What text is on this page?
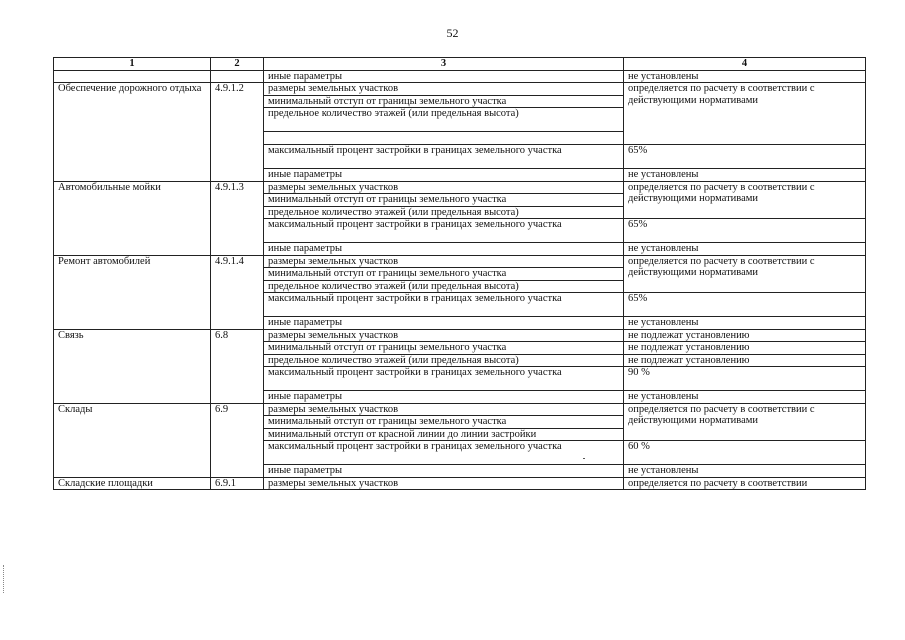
52
1	2	3	4
		иные параметры	не установлены
Обеспечение дорожного отдыха	4.9.1.2	размеры земельных участков	определяется по расчету в соответствии с действующими нормативами
		минимальный отступ от границы земельного участка	
		предельное количество этажей (или предельная высота)	

		максимальный процент застройки в границах земельного участка	65%
		иные параметры	не установлены

Автомобильные мойки	4.9.1.3	размеры земельных участков	определяется по расчету в соответствии с действующими нормативами
		минимальный отступ от границы земельного участка	
		предельное количество этажей (или предельная высота)	
		максимальный процент застройки в границах земельного участка	65%
		иные параметры	не установлены
Ремонт автомобилей	4.9.1.4	размеры земельных участков	определяется по расчету в соответствии с действующими нормативами
		минимальный отступ от границы земельного участка	
		предельное количество этажей (или предельная высота)	
		максимальный процент застройки в границах земельного участка	65%
		иные параметры	не установлены
Связь	6.8	размеры земельных участков	не подлежат установлению
		минимальный отступ от границы земельного участка	не подлежат установлению
		предельное количество этажей (или предельная высота)	не подлежат установлению
		максимальный процент застройки в границах земельного участка	90 %
		иные параметры	не установлены
Склады	6.9	размеры земельных участков	определяется по расчету в соответствии с действующими нормативами
		минимальный отступ от границы земельного участка	
		минимальный отступ от красной линии до линии застройки	
		максимальный процент застройки в границах земельного участка	60 %
		иные параметры	не установлены
Складские площадки	6.9.1	размеры земельных участков	определяется по расчету в соответствии
